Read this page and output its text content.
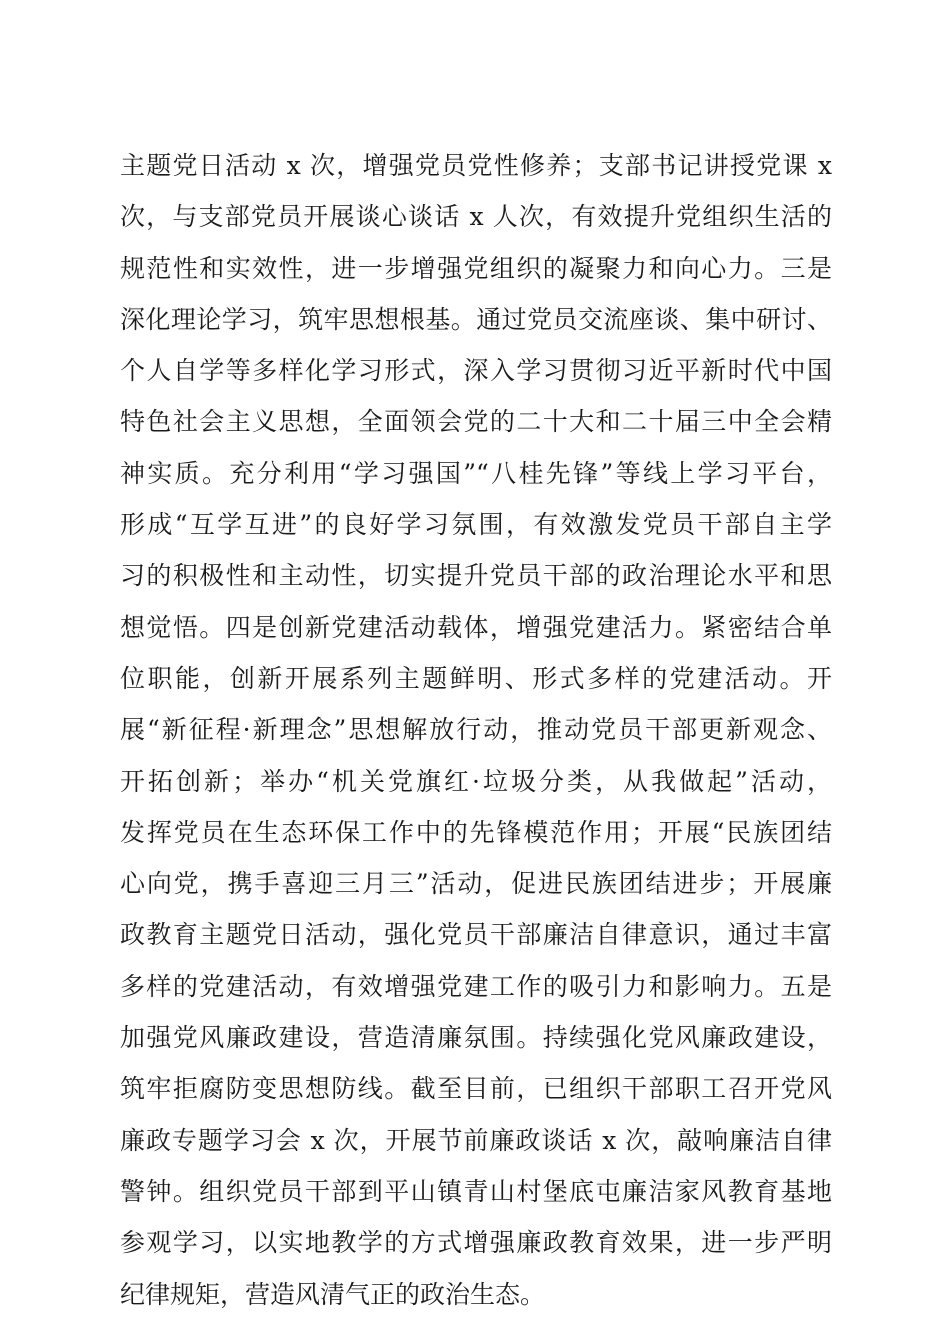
主题党日活动 x 次，增强党员党性修养；支部书记讲授党课 x
次，与支部党员开展谈心谈话 x 人次，有效提升党组织生活的
规范性和实效性，进一步增强党组织的凝聚力和向心力。三是
深化理论学习，筑牢思想根基。通过党员交流座谈、集中研讨、
个人自学等多样化学习形式，深入学习贯彻习近平新时代中国
特色社会主义思想，全面领会党的二十大和二十届三中全会精
神实质。充分利用“学习强国”“八桂先锋”等线上学习平台，
形成“互学互进”的良好学习氛围，有效激发党员干部自主学
习的积极性和主动性，切实提升党员干部的政治理论水平和思
想觉悟。四是创新党建活动载体，增强党建活力。紧密结合单
位职能，创新开展系列主题鲜明、形式多样的党建活动。开
展“新征程·新理念”思想解放行动，推动党员干部更新观念、
开拓创新；举办“机关党旗红·垃圾分类，从我做起”活动，
发挥党员在生态环保工作中的先锋模范作用；开展“民族团结
心向党，携手喜迎三月三”活动，促进民族团结进步；开展廉
政教育主题党日活动，强化党员干部廉洁自律意识，通过丰富
多样的党建活动，有效增强党建工作的吸引力和影响力。五是
加强党风廉政建设，营造清廉氛围。持续强化党风廉政建设，
筑牢拒腐防变思想防线。截至目前，已组织干部职工召开党风
廉政专题学习会 x 次，开展节前廉政谈话 x 次，敲响廉洁自律
警钟。组织党员干部到平山镇青山村堡底屯廉洁家风教育基地
参观学习，以实地教学的方式增强廉政教育效果，进一步严明
纪律规矩，营造风清气正的政治生态。
